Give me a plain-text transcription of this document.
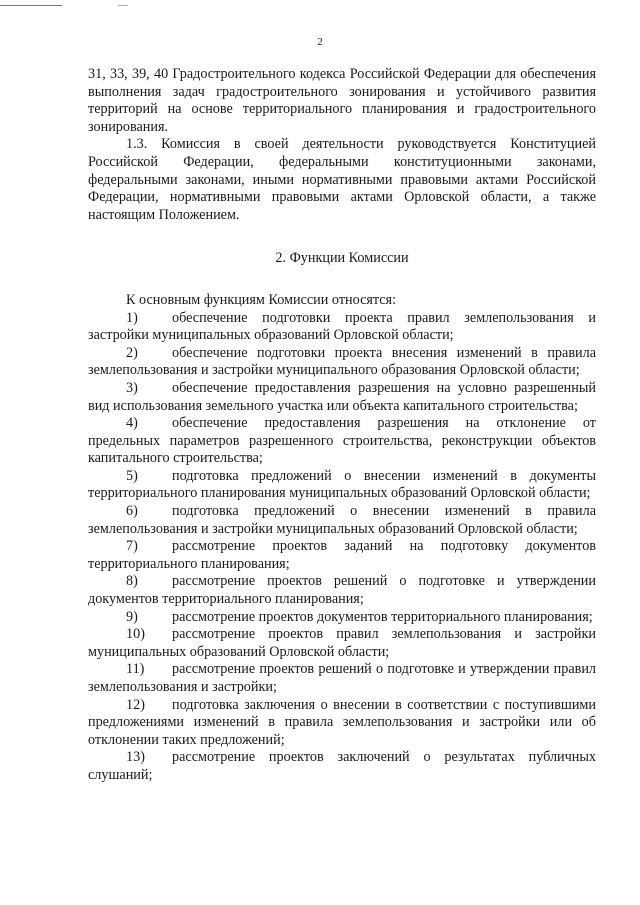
2

31, 33, 39, 40 Градостроительного кодекса Российской Федерации для обеспечения выполнения задач градостроительного зонирования и устойчивого развития территорий на основе территориального планирования и градостроительного зонирования.

1.3. Комиссия в своей деятельности руководствуется Конституцией Российской Федерации, федеральными конституционными законами, федеральными законами, иными нормативными правовыми актами Российской Федерации, нормативными правовыми актами Орловской области, а также настоящим Положением.

2. Функции Комиссии

К основным функциям Комиссии относятся:

1) обеспечение подготовки проекта правил землепользования и застройки муниципальных образований Орловской области;

2) обеспечение подготовки проекта внесения изменений в правила землепользования и застройки муниципального образования Орловской области;

3) обеспечение предоставления разрешения на условно разрешенный вид использования земельного участка или объекта капитального строительства;

4) обеспечение предоставления разрешения на отклонение от предельных параметров разрешенного строительства, реконструкции объектов капитального строительства;

5) подготовка предложений о внесении изменений в документы территориального планирования муниципальных образований Орловской области;

6) подготовка предложений о внесении изменений в правила землепользования и застройки муниципальных образований Орловской области;

7) рассмотрение проектов заданий на подготовку документов территориального планирования;

8) рассмотрение проектов решений о подготовке и утверждении документов территориального планирования;

9) рассмотрение проектов документов территориального планирования;

10) рассмотрение проектов правил землепользования и застройки муниципальных образований Орловской области;

11) рассмотрение проектов решений о подготовке и утверждении правил землепользования и застройки;

12) подготовка заключения о внесении в соответствии с поступившими предложениями изменений в правила землепользования и застройки или об отклонении таких предложений;

13) рассмотрение проектов заключений о результатах публичных слушаний;
